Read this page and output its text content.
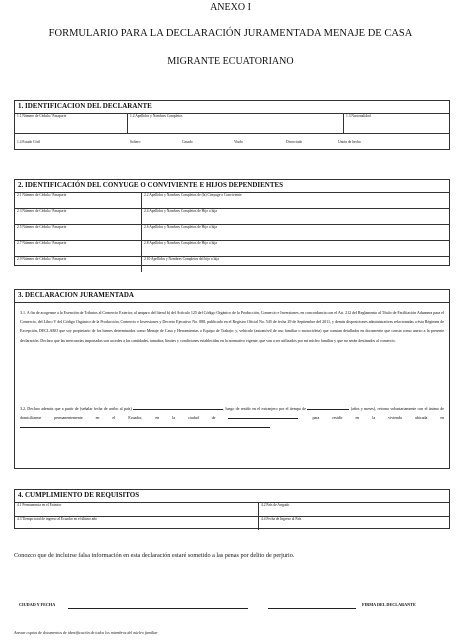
ANEXO I
FORMULARIO PARA LA DECLARACIÓN JURAMENTADA MENAJE DE CASA
MIGRANTE ECUATORIANO
1. IDENTIFICACION DEL DECLARANTE
1.1 Número de Cédula / Pasaporte	1.2 Apellidos y Nombres Completos	1.3 Nacionalidad
1.4 Estado Civil	Soltero	Casado	Viudo	Divorciado	Unión de hecho
2. IDENTIFICACIÓN DEL CONYUGE O CONVIVIENTE E HIJOS DEPENDIENTES
2.1 Número de Cédula / Pasaporte	2.2 Apellidos y Nombres Completos de (la) Cónyuge o Conviviente
2.3 Número de Cédula / Pasaporte	2.4 Apellidos y Nombres Completos de Hijo o hija
2.5 Número de Cédula / Pasaporte	2.6 Apellidos y Nombres Completos de Hijo o hija
2.7 Número de Cédula / Pasaporte	2.8 Apellidos y Nombres Completos de Hijo o hija
2.9 Número de Cédula / Pasaporte	2.10 Apellidos y Nombres Completos del hijo o hija
3. DECLARACION JURAMENTADA
3.1. A fin de acogerme a la Exención de Tributos al Comercio Exterior, al amparo del literal b) del Artículo 125 del Código Orgánico de la Producción, Comercio e Inversiones, en concordancia con el Art. 212 del Reglamento al Título de Facilitación Aduanera para el Comercio, del Libro V del Código Orgánico de la Producción, Comercio e Inversiones y Decreto Ejecutivo No. 888, publicado en el Registro Oficial No. 545 de fecha 29 de Septiembre del 2011, y demás disposiciones administrativas relacionadas a ésta Régimen de Excepción, DECLARO que soy propietario de los bienes determinados como Menaje de Casa y Herramientas o Equipo de Trabajo; y, vehículo (automóvil de uso familiar o motocicleta) que constan detallados en documento que consta como anexo a la presente declaración. Declaro que las mercancías importadas son acordes a las cantidades, tamaños, límites y condiciones establecidas en la normativa vigente, que van a ser utilizados por mi núcleo familiar y que no serán destinados al comercio.
3.2. Declaro además que a partir de (señalar fecha de arribo al país)	, luego de residir en el extranjero por el tiempo de	(años y meses), retorno voluntariamente con el ánimo de domiciliarme permanentemente en el Ecuador, en la ciudad de	, para residir en la vivienda ubicada en
4. CUMPLIMIENTO DE REQUISITOS
4.1 Permanencia en el Exterior	4.2 País de Arrgado
4.3 Tiempo total de ingreso al Ecuador en el último año	4.4 Fecha de Ingreso al País
Conozco que de incluirse falsa información en esta declaración estaré sometido a las penas por delito de perjurio.
CIUDAD Y FECHA	FIRMA DEL DECLARANTE
Anexar copias de documentos de identificación de todos los miembros del núcleo familiar
